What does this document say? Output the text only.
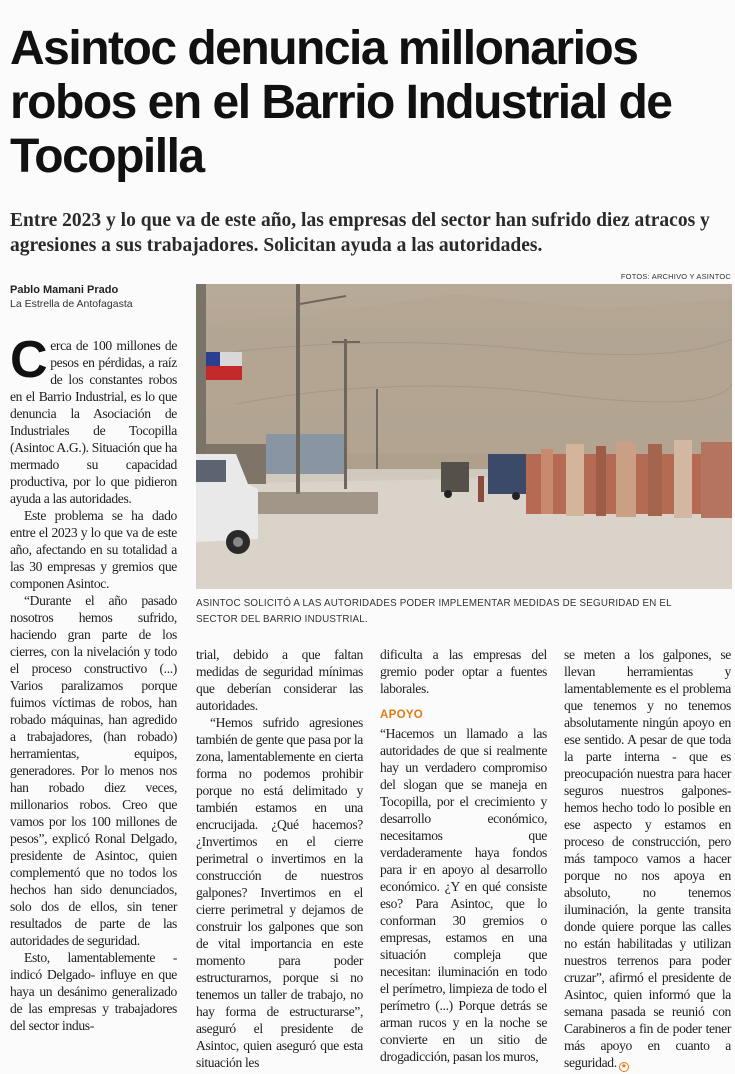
Asintoc denuncia millonarios robos en el Barrio Industrial de Tocopilla

Entre 2023 y lo que va de este año, las empresas del sector han sufrido diez atracos y agresiones a sus trabajadores. Solicitan ayuda a las autoridades.

Pablo Mamani Prado
La Estrella de Antofagasta
FOTOS: ARCHIVO Y ASINTOC

ASINTOC SOLICITÓ A LAS AUTORIDADES PODER IMPLEMENTAR MEDIDAS DE SEGURIDAD EN EL SECTOR DEL BARRIO INDUSTRIAL.

Cerca de 100 millones de pesos en pérdidas, a raíz de los constantes robos en el Barrio Industrial, es lo que denuncia la Asociación de Industriales de Tocopilla (Asintoc A.G.). Situación que ha mermado su capacidad productiva, por lo que pidieron ayuda a las autoridades.

Este problema se ha dado entre el 2023 y lo que va de este año, afectando en su totalidad a las 30 empresas y gremios que componen Asintoc.

“Durante el año pasado nosotros hemos sufrido, haciendo gran parte de los cierres, con la nivelación y todo el proceso constructivo (...) Varios paralizamos porque fuimos víctimas de robos, han robado máquinas, han agredido a trabajadores, (han robado) herramientas, equipos, generadores. Por lo menos nos han robado diez veces, millonarios robos. Creo que vamos por los 100 millones de pesos”, explicó Ronal Delgado, presidente de Asintoc, quien complementó que no todos los hechos han sido denunciados, solo dos de ellos, sin tener resultados de parte de las autoridades de seguridad.

Esto, lamentablemente - indicó Delgado- influye en que haya un desánimo generalizado de las empresas y trabajadores del sector indus-

trial, debido a que faltan medidas de seguridad mínimas que deberían considerar las autoridades.

“Hemos sufrido agresiones también de gente que pasa por la zona, lamentablemente en cierta forma no podemos prohibir porque no está delimitado y también estamos en una encrucijada. ¿Qué hacemos? ¿Invertimos en el cierre perimetral o invertimos en la construcción de nuestros galpones? Invertimos en el cierre perimetral y dejamos de construir los galpones que son de vital importancia en este momento para poder estructurarnos, porque si no tenemos un taller de trabajo, no hay forma de estructurarse”, aseguró el presidente de Asintoc, quien aseguró que esta situación les

dificulta a las empresas del gremio poder optar a fuentes laborales.

APOYO

“Hacemos un llamado a las autoridades de que si realmente hay un verdadero compromiso del slogan que se maneja en Tocopilla, por el crecimiento y desarrollo económico, necesitamos que verdaderamente haya fondos para ir en apoyo al desarrollo económico. ¿Y en qué consiste eso? Para Asintoc, que lo conforman 30 gremios o empresas, estamos en una situación compleja que necesitan: iluminación en todo el perímetro, limpieza de todo el perímetro (...) Porque detrás se arman rucos y en la noche se convierte en un sitio de drogadicción, pasan los muros,

se meten a los galpones, se llevan herramientas y lamentablemente es el problema que tenemos y no tenemos absolutamente ningún apoyo en ese sentido. A pesar de que toda la parte interna - que es preocupación nuestra para hacer seguros nuestros galpones- hemos hecho todo lo posible en ese aspecto y estamos en proceso de construcción, pero más tampoco vamos a hacer porque no nos apoya en absoluto, no tenemos iluminación, la gente transita donde quiere porque las calles no están habilitadas y utilizan nuestros terrenos para poder cruzar”, afirmó el presidente de Asintoc, quien informó que la semana pasada se reunió con Carabineros a fin de poder tener más apoyo en cuanto a seguridad. ★
